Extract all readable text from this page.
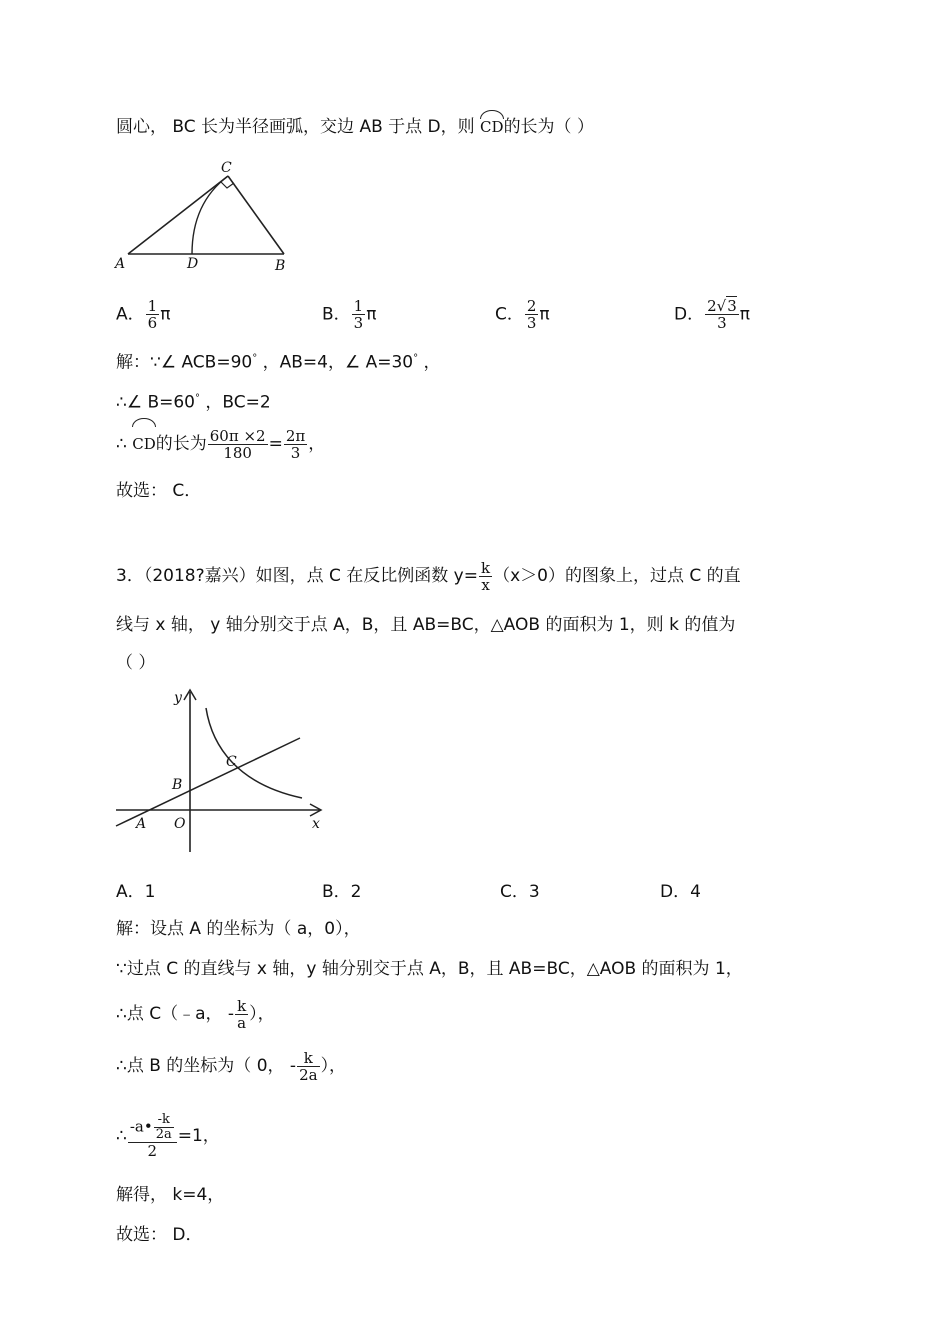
圆心， BC 长为半径画弧，交边 AB 于点 D，则 CD的长为（ ）
C
A	D	B
A． $\frac{1}{6}$ π	B． $\frac{1}{3}$ π	C． $\frac{2}{3}$ π	D． $\frac{2√3}{3}$ π
解：∵∠ ACB=90° ，AB=4，∠ A=30° ，
∴∠ B=60° ，BC=2
∴ CD的长为 $\frac{60\pi \times 2}{180} = \frac{2\pi}{3}$ ，
故选： C．
3．（2018?嘉兴）如图，点 C 在反比例函数 $y= \frac{k}{x} (x>0)$的图象上，过点 C 的直
线与 x 轴， y 轴分别交于点 A，B，且 AB=BC，△AOB 的面积为 1，则 k 的值为
（ ）
y
x
A O
B
C
A．1	B．2	C．3	D．4
解：设点 A 的坐标为（ a，0），
∵过点 C 的直线与 x 轴，y 轴分别交于点 A，B，且 AB=BC，△AOB 的面积为 1，
∴点 C（﹣a， - $\frac{k}{a}$ ），
∴点 B 的坐标为（ 0， - $\frac{k}{2a}$ ），
∴ $\frac{-a• \frac{-k}{2a}}{2} =1$，
解得， k=4，
故选： D．
